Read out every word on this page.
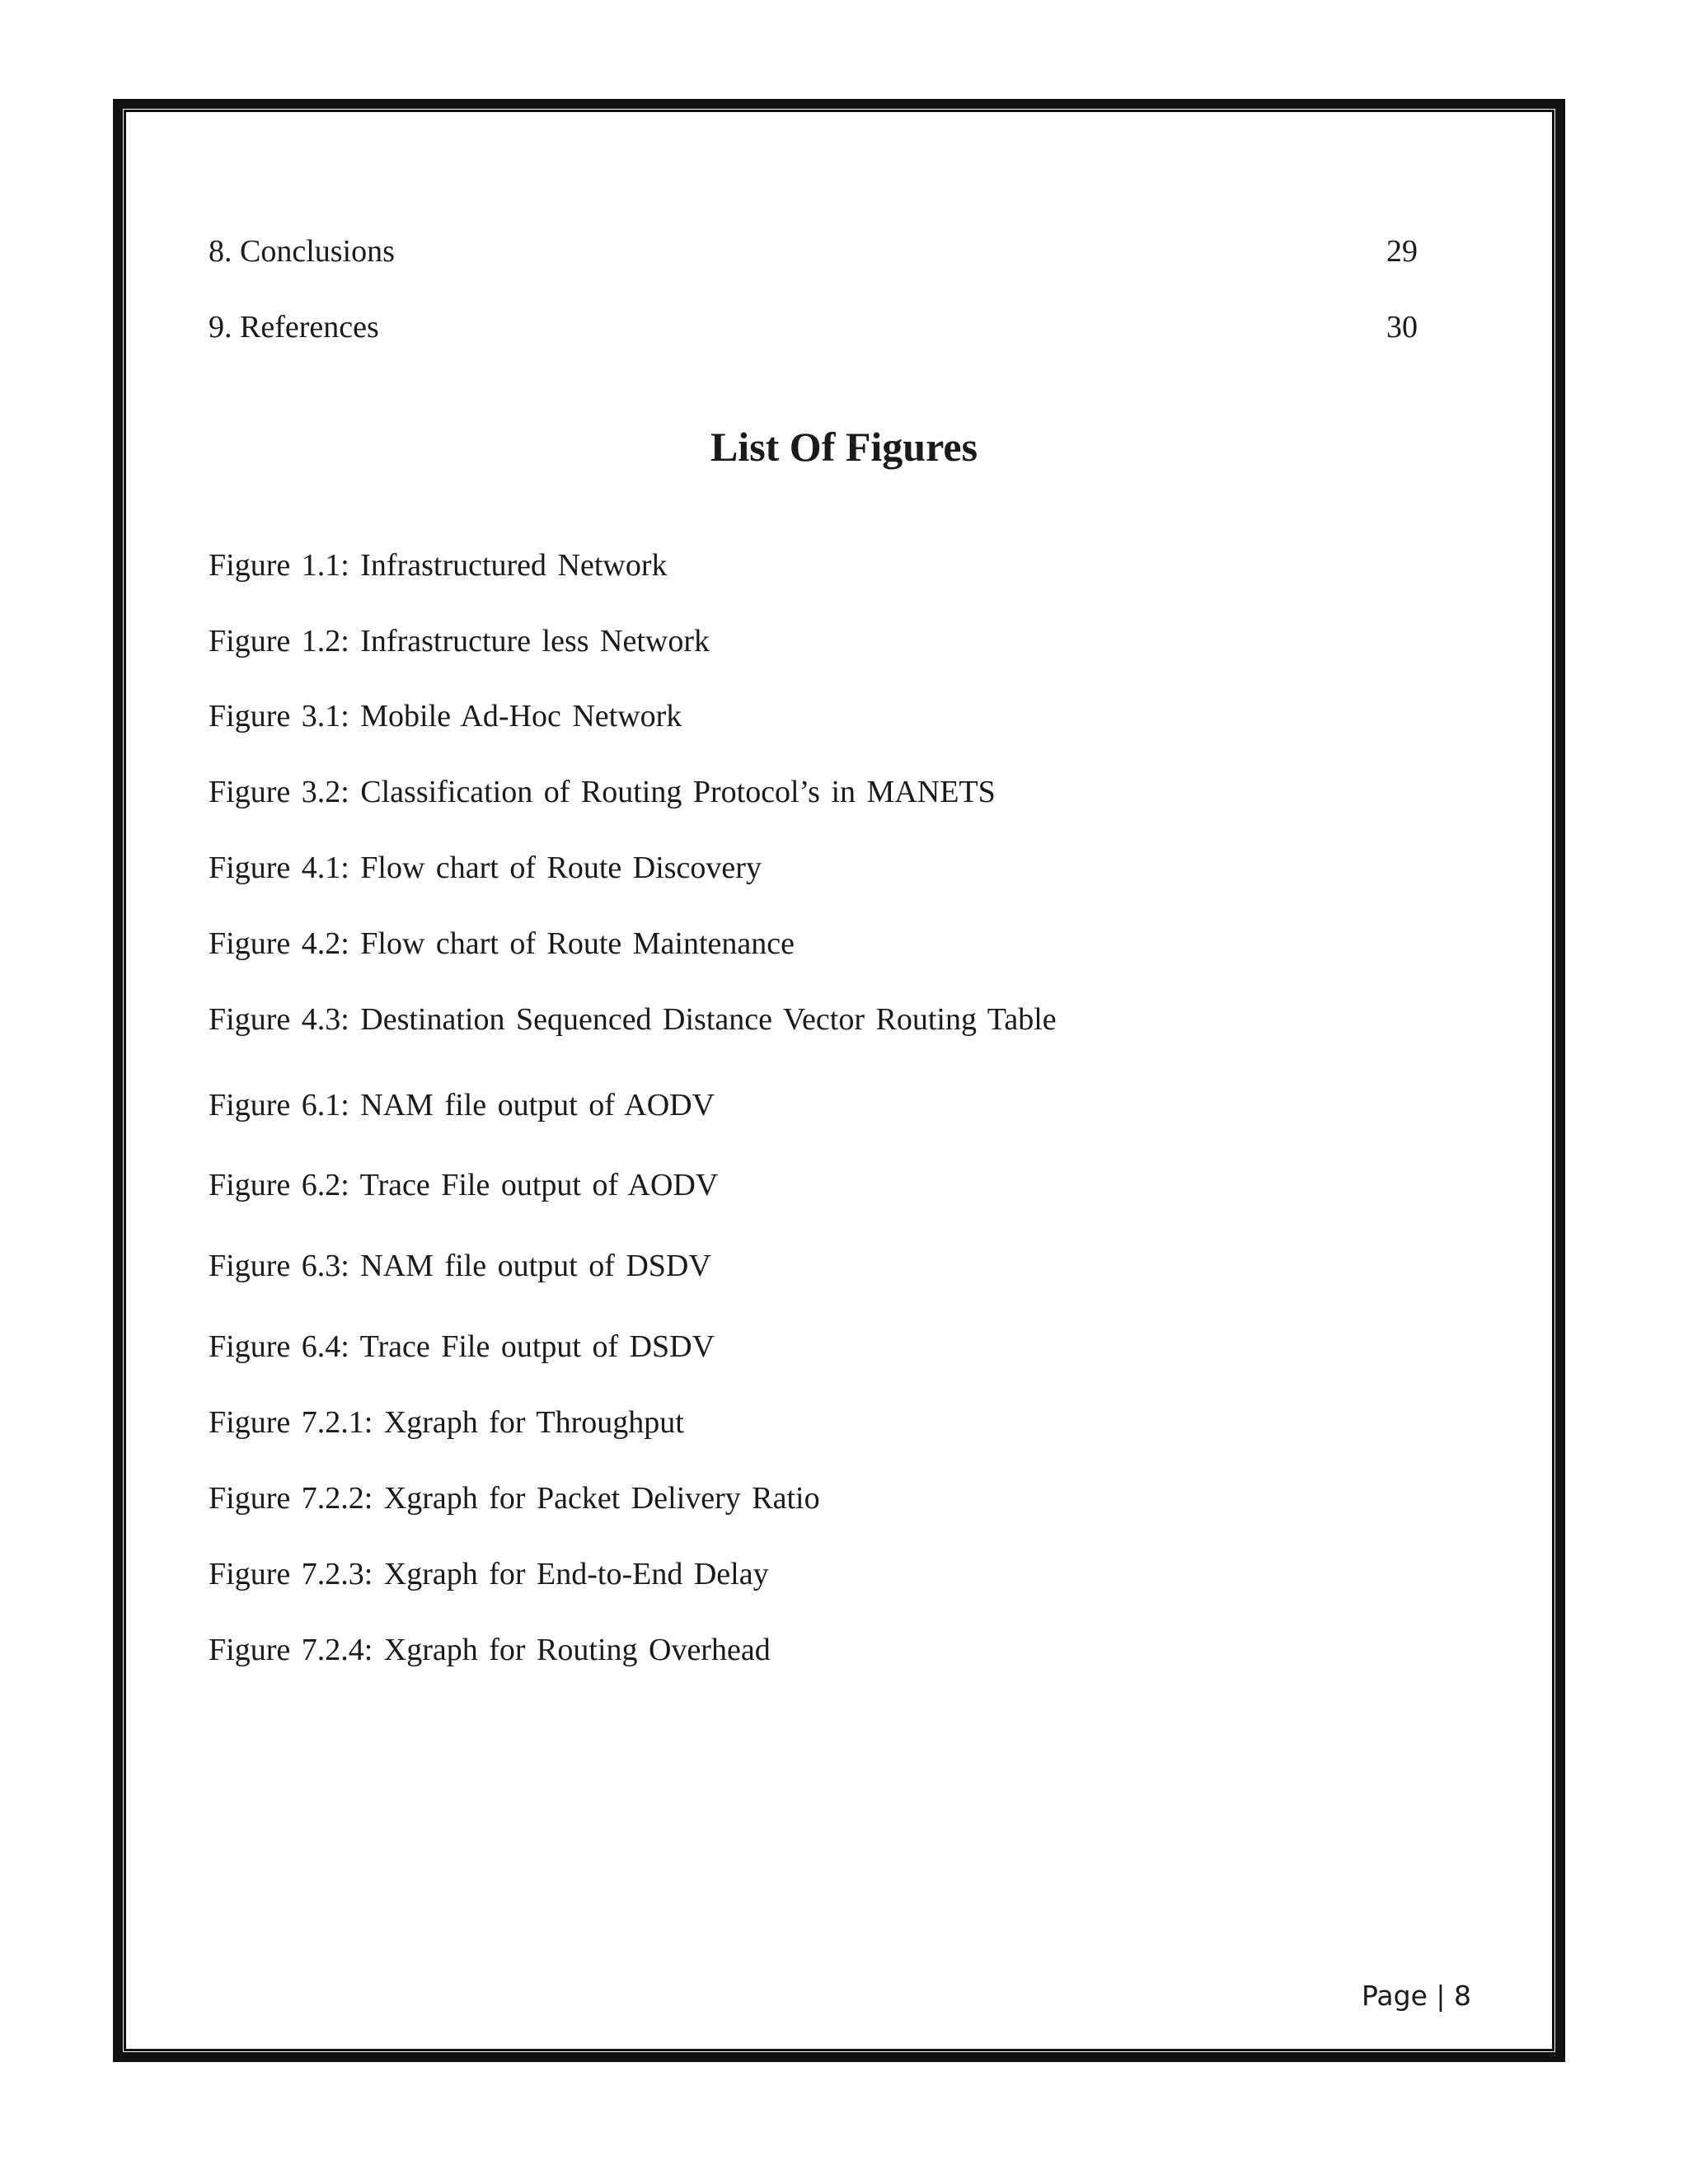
8. Conclusions	29
9. References	30
List Of Figures
Figure 1.1: Infrastructured Network
Figure 1.2: Infrastructure less Network
Figure 3.1: Mobile Ad-Hoc Network
Figure 3.2: Classification of Routing Protocol’s in MANETS
Figure 4.1: Flow chart of Route Discovery
Figure 4.2: Flow chart of Route Maintenance
Figure 4.3: Destination Sequenced Distance Vector Routing Table
Figure 6.1: NAM file output of AODV
Figure 6.2: Trace File output of AODV
Figure 6.3: NAM file output of DSDV
Figure 6.4: Trace File output of DSDV
Figure 7.2.1: Xgraph for Throughput
Figure 7.2.2: Xgraph for Packet Delivery Ratio
Figure 7.2.3: Xgraph for End-to-End Delay
Figure 7.2.4: Xgraph for Routing Overhead
Page | 8
